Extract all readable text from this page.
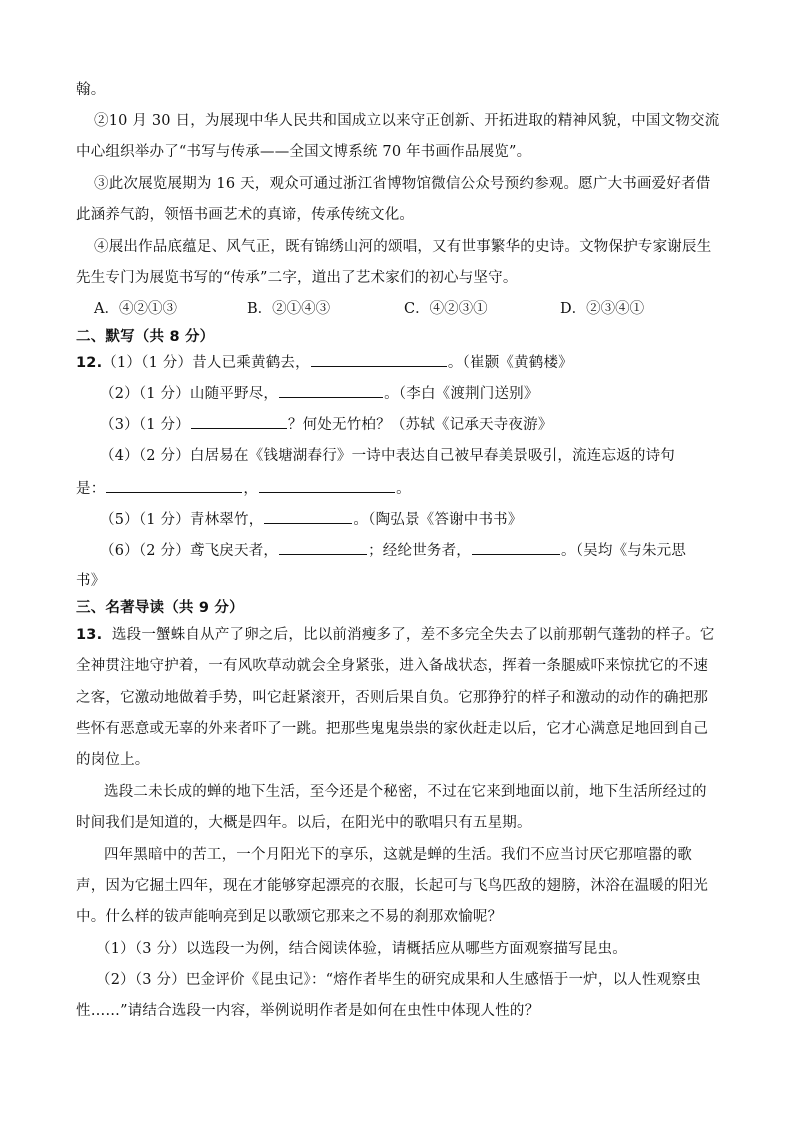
翰。
②10 月 30 日，为展现中华人民共和国成立以来守正创新、开拓进取的精神风貌，中国文物交流
中心组织举办了“书写与传承——全国文博系统 70 年书画作品展览”。
③此次展览展期为 16 天，观众可通过浙江省博物馆微信公众号预约参观。愿广大书画爱好者借
此涵养气韵，领悟书画艺术的真谛，传承传统文化。
④展出作品底蕴足、风气正，既有锦绣山河的颂唱，又有世事繁华的史诗。文物保护专家谢辰生
先生专门为展览书写的“传承”二字，道出了艺术家们的初心与坚守。
A．④②①③	B．②①④③	C．④②③①	D．②③④①
二、默写（共 8 分）
12.（1）（1 分）昔人已乘黄鹤去，	。（崔颢《黄鹤楼》
（2）（1 分）山随平野尽，	。（李白《渡荆门送别》
（3）（1 分）	？何处无竹柏？（苏轼《记承天寺夜游》
（4）（2 分）白居易在《钱塘湖春行》一诗中表达自己被早春美景吸引，流连忘返的诗句
是：	，	。
（5）（1 分）青林翠竹，	。（陶弘景《答谢中书书》
（6）（2 分）鸢飞戾天者，	；经纶世务者，	。（吴均《与朱元思
书》
三、名著导读（共 9 分）
13. 选段一蟹蛛自从产了卵之后，比以前消瘦多了，差不多完全失去了以前那朝气蓬勃的样子。它
全神贯注地守护着，一有风吹草动就会全身紧张，进入备战状态，挥着一条腿威吓来惊扰它的不速
之客，它激动地做着手势，叫它赶紧滚开，否则后果自负。它那狰狞的样子和激动的动作的确把那
些怀有恶意或无辜的外来者吓了一跳。把那些鬼鬼祟祟的家伙赶走以后，它才心满意足地回到自己
的岗位上。
选段二未长成的蝉的地下生活，至今还是个秘密，不过在它来到地面以前，地下生活所经过的
时间我们是知道的，大概是四年。以后，在阳光中的歌唱只有五星期。
四年黑暗中的苦工，一个月阳光下的享乐，这就是蝉的生活。我们不应当讨厌它那喧嚣的歌
声，因为它掘土四年，现在才能够穿起漂亮的衣服，长起可与飞鸟匹敌的翅膀，沐浴在温暖的阳光
中。什么样的钹声能响亮到足以歌颂它那来之不易的刹那欢愉呢？
（1）（3 分）以选段一为例，结合阅读体验，请概括应从哪些方面观察描写昆虫。
（2）（3 分）巴金评价《昆虫记》：“熔作者毕生的研究成果和人生感悟于一炉，以人性观察虫
性……”请结合选段一内容，举例说明作者是如何在虫性中体现人性的？
